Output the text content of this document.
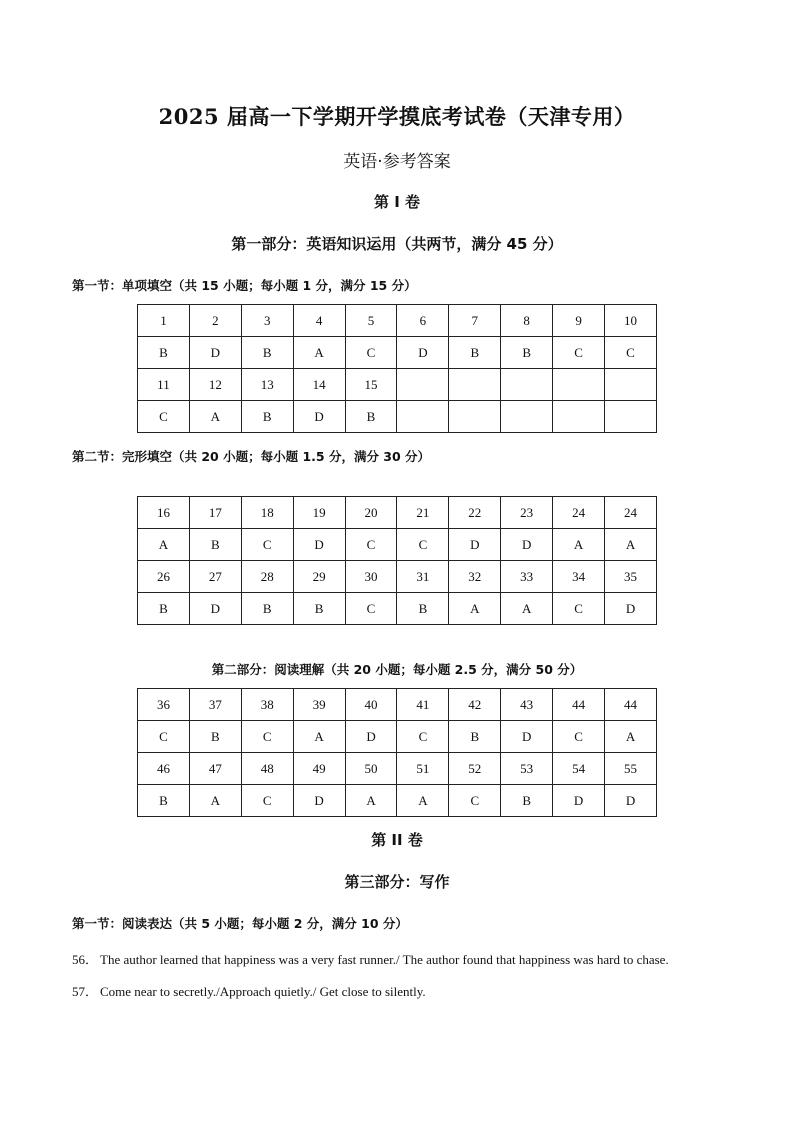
2025 届高一下学期开学摸底考试卷（天津专用）
英语·参考答案
第 I 卷
第一部分：英语知识运用（共两节，满分 45 分）
第一节：单项填空（共 15 小题；每小题 1 分，满分 15 分）
1	2	3	4	5	6	7	8	9	10
B	D	B	A	C	D	B	B	C	C
11	12	13	14	15					
C	A	B	D	B					
第二节：完形填空（共 20 小题；每小题 1.5 分，满分 30 分）
16	17	18	19	20	21	22	23	24	24
A	B	C	D	C	C	D	D	A	A
26	27	28	29	30	31	32	33	34	35
B	D	B	B	C	B	A	A	C	D
第二部分：阅读理解（共 20 小题；每小题 2.5 分，满分 50 分）
36	37	38	39	40	41	42	43	44	44
C	B	C	A	D	C	B	D	C	A
46	47	48	49	50	51	52	53	54	55
B	A	C	D	A	A	C	B	D	D
第 II 卷
第三部分：写作
第一节：阅读表达（共 5 小题；每小题 2 分，满分 10 分）
56． The author learned that happiness was a very fast runner./ The author found that happiness was hard to chase.
57． Come near to secretly./Approach quietly./ Get close to silently.
